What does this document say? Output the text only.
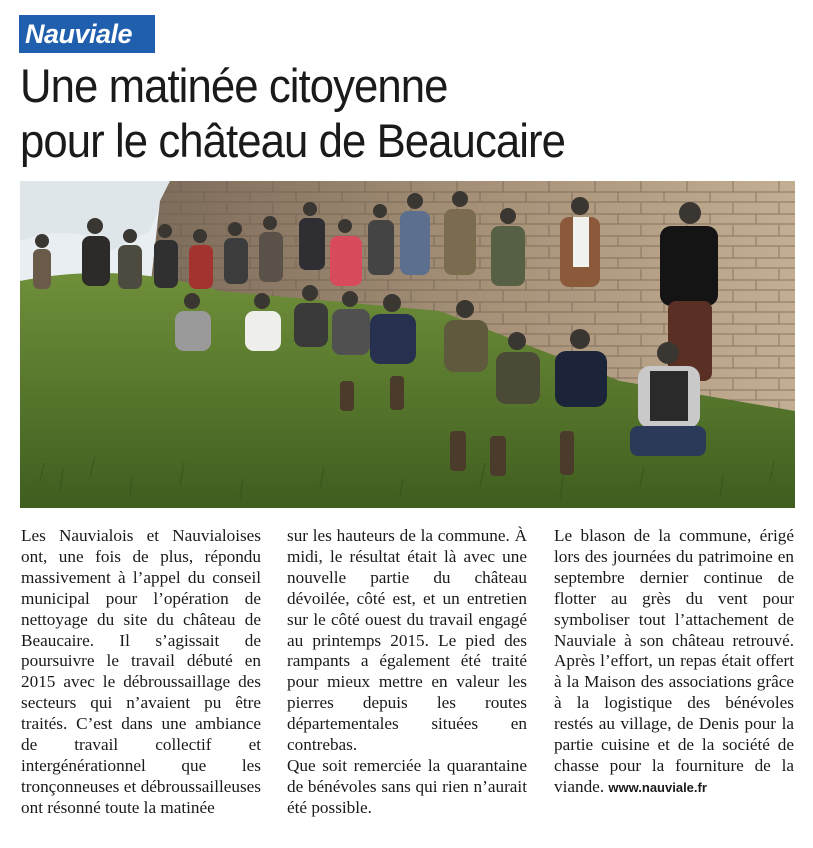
Nauviale
Une matinée citoyenne
pour le château de Beaucaire

Les Nauvialois et Nauvialoises ont, une fois de plus, répondu massivement à l’appel du conseil municipal pour l’opération de nettoyage du site du château de Beaucaire. Il s’agissait de poursuivre le travail débuté en 2015 avec le débroussaillage des secteurs qui n’avaient pu être traités. C’est dans une ambiance de travail collectif et intergénérationnel que les tronçonneuses et débroussailleuses ont résonné toute la matinée

sur les hauteurs de la commune. À midi, le résultat était là avec une nouvelle partie du château dévoilée, côté est, et un entretien sur le côté ouest du travail engagé au printemps 2015. Le pied des rampants a également été traité pour mieux mettre en valeur les pierres depuis les routes départementales situées en contrebas.

Que soit remerciée la quarantaine de bénévoles sans qui rien n’aurait été possible.

Le blason de la commune, érigé lors des journées du patrimoine en septembre dernier continue de flotter au grès du vent pour symboliser tout l’attachement de Nauviale à son château retrouvé. Après l’effort, un repas était offert à la Maison des associations grâce à la logistique des bénévoles restés au village, de Denis pour la partie cuisine et de la société de chasse pour la fourniture de la viande. www.nauviale.fr
